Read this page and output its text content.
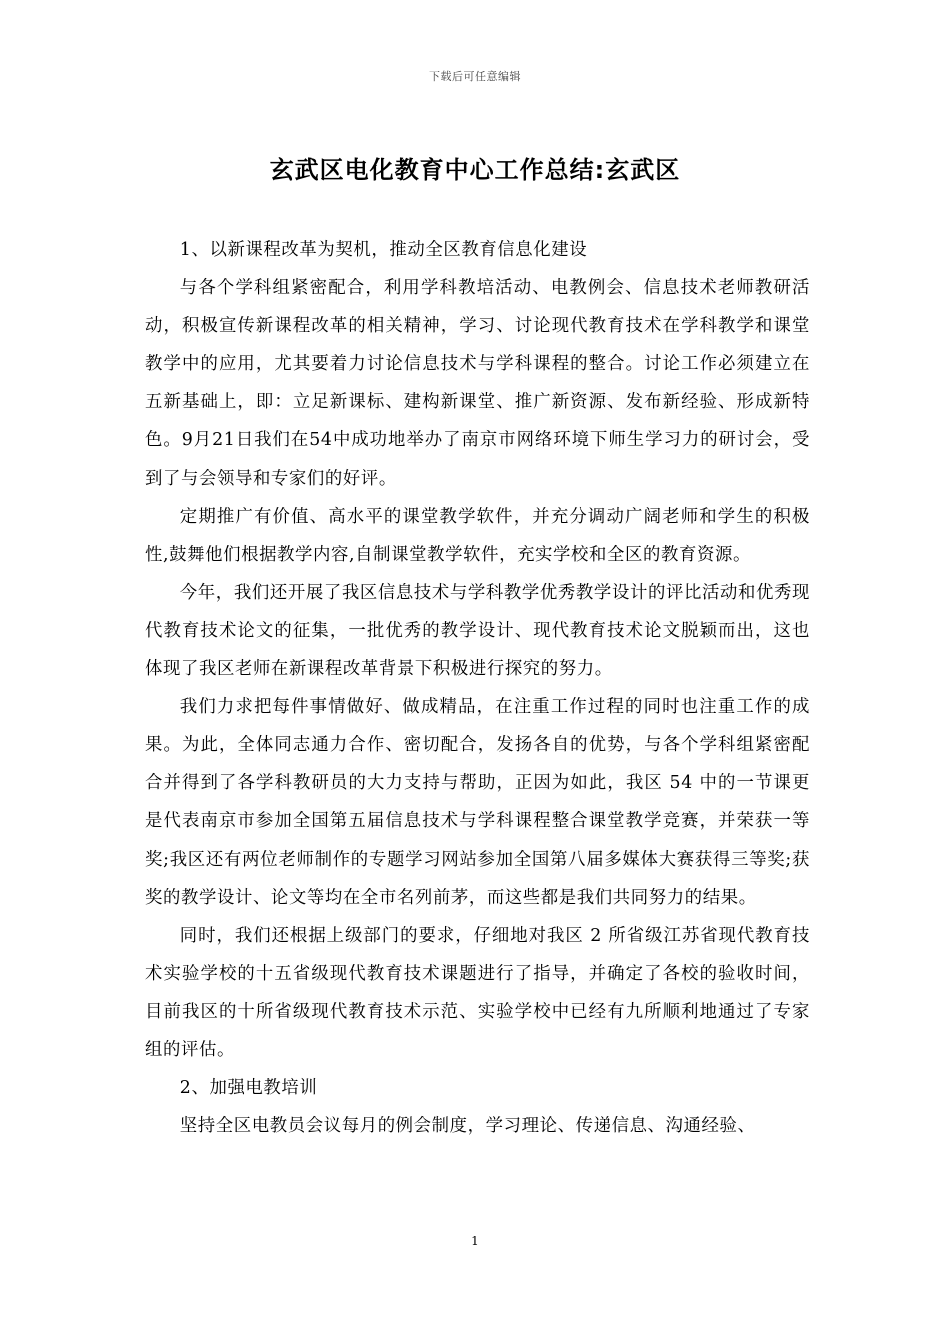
下载后可任意编辑
玄武区电化教育中心工作总结:玄武区

1、以新课程改革为契机，推动全区教育信息化建设

与各个学科组紧密配合，利用学科教培活动、电教例会、信息技术老师教研活动，积极宣传新课程改革的相关精神，学习、讨论现代教育技术在学科教学和课堂教学中的应用，尤其要着力讨论信息技术与学科课程的整合。讨论工作必须建立在五新基础上，即：立足新课标、建构新课堂、推广新资源、发布新经验、形成新特色。9月21日我们在54中成功地举办了南京市网络环境下师生学习力的研讨会，受到了与会领导和专家们的好评。

定期推广有价值、高水平的课堂教学软件，并充分调动广阔老师和学生的积极性,鼓舞他们根据教学内容,自制课堂教学软件，充实学校和全区的教育资源。

今年，我们还开展了我区信息技术与学科教学优秀教学设计的评比活动和优秀现代教育技术论文的征集，一批优秀的教学设计、现代教育技术论文脱颖而出，这也体现了我区老师在新课程改革背景下积极进行探究的努力。

我们力求把每件事情做好、做成精品，在注重工作过程的同时也注重工作的成果。为此，全体同志通力合作、密切配合，发扬各自的优势，与各个学科组紧密配合并得到了各学科教研员的大力支持与帮助，正因为如此，我区 54 中的一节课更是代表南京市参加全国第五届信息技术与学科课程整合课堂教学竞赛，并荣获一等奖;我区还有两位老师制作的专题学习网站参加全国第八届多媒体大赛获得三等奖;获奖的教学设计、论文等均在全市名列前茅，而这些都是我们共同努力的结果。

同时，我们还根据上级部门的要求，仔细地对我区 2 所省级江苏省现代教育技术实验学校的十五省级现代教育技术课题进行了指导，并确定了各校的验收时间，目前我区的十所省级现代教育技术示范、实验学校中已经有九所顺利地通过了专家组的评估。

2、加强电教培训

坚持全区电教员会议每月的例会制度，学习理论、传递信息、沟通经验、

1
